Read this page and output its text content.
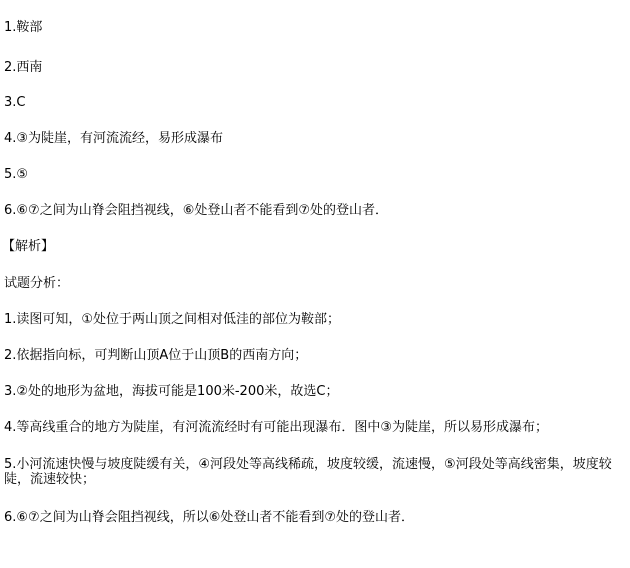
1.鞍部
2.西南
3.C
4.③为陡崖，有河流流经，易形成瀑布
5.⑤
6.⑥⑦之间为山脊会阻挡视线，⑥处登山者不能看到⑦处的登山者．
【解析】
试题分析：
1.读图可知，①处位于两山顶之间相对低洼的部位为鞍部；
2.依据指向标，可判断山顶A位于山顶B的西南方向；
3.②处的地形为盆地，海拔可能是100米-200米，故选C；
4.等高线重合的地方为陡崖，有河流流经时有可能出现瀑布．图中③为陡崖，所以易形成瀑布；
5.小河流速快慢与坡度陡缓有关，④河段处等高线稀疏，坡度较缓，流速慢，⑤河段处等高线密集，坡度较陡，流速较快；
6.⑥⑦之间为山脊会阻挡视线，所以⑥处登山者不能看到⑦处的登山者．
